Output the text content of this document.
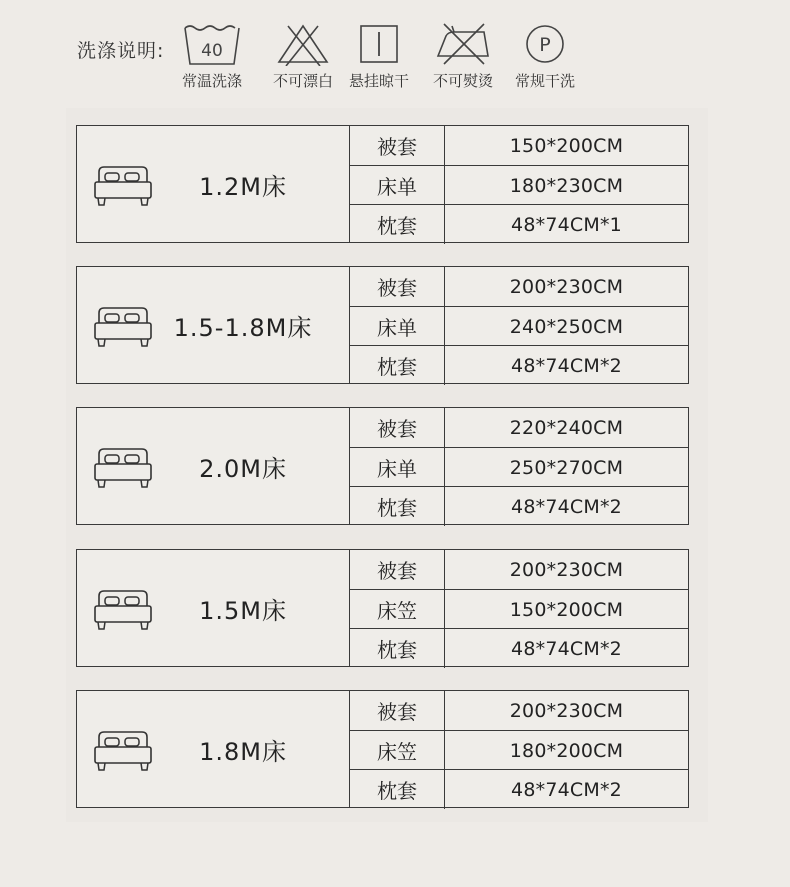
洗涤说明: 40
常温洗涤	不可漂白	悬挂晾干	不可熨烫
P
常规干洗
1.2M床
被套	150*200CM
床单	180*230CM
枕套	48*74CM*1
1.5-1.8M床
被套	200*230CM
床单	240*250CM
枕套	48*74CM*2
2.0M床
被套	220*240CM
床单	250*270CM
枕套	48*74CM*2
1.5M床
被套	200*230CM
床笠	150*200CM
枕套	48*74CM*2
1.8M床
被套	200*230CM
床笠	180*200CM
枕套	48*74CM*2
